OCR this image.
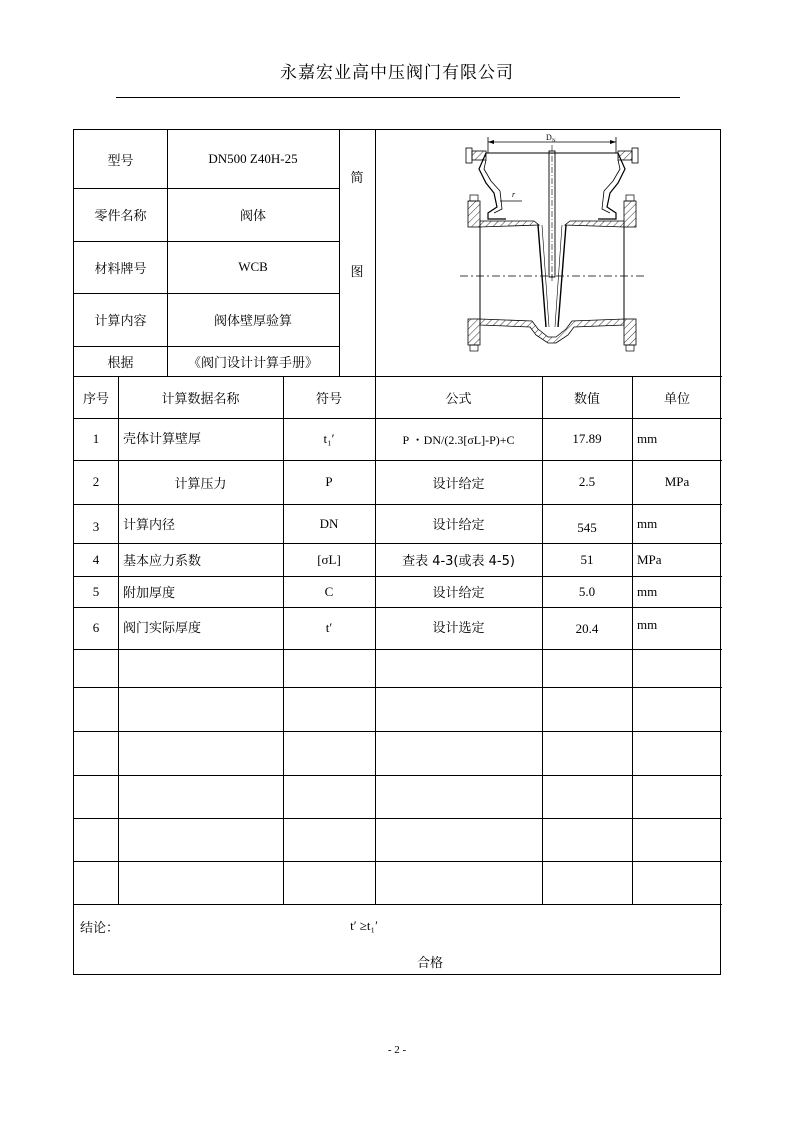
永嘉宏业高中压阀门有限公司
型号	DN500 Z40H-25
零件名称	阀体
材料牌号	WCB
计算内容	阀体壁厚验算
根据	《阀门设计计算手册》
简
图
D N
r
序号	计算数据名称	符号	公式	数值	单位
1	壳体计算壁厚	t₁′	P ・DN/(2.3[σL]-P)+C	17.89	mm
2	计算压力	P	设计给定	2.5	MPa
3	计算内径	DN	设计给定	545	mm
4	基本应力系数	[σL]	查表 4-3(或表 4-5)	51	MPa
5	附加厚度	C	设计给定	5.0	mm
6	阀门实际厚度	t′	设计选定	20.4	mm
结论：	t′ ≥t₁′
合格
- 2 -
